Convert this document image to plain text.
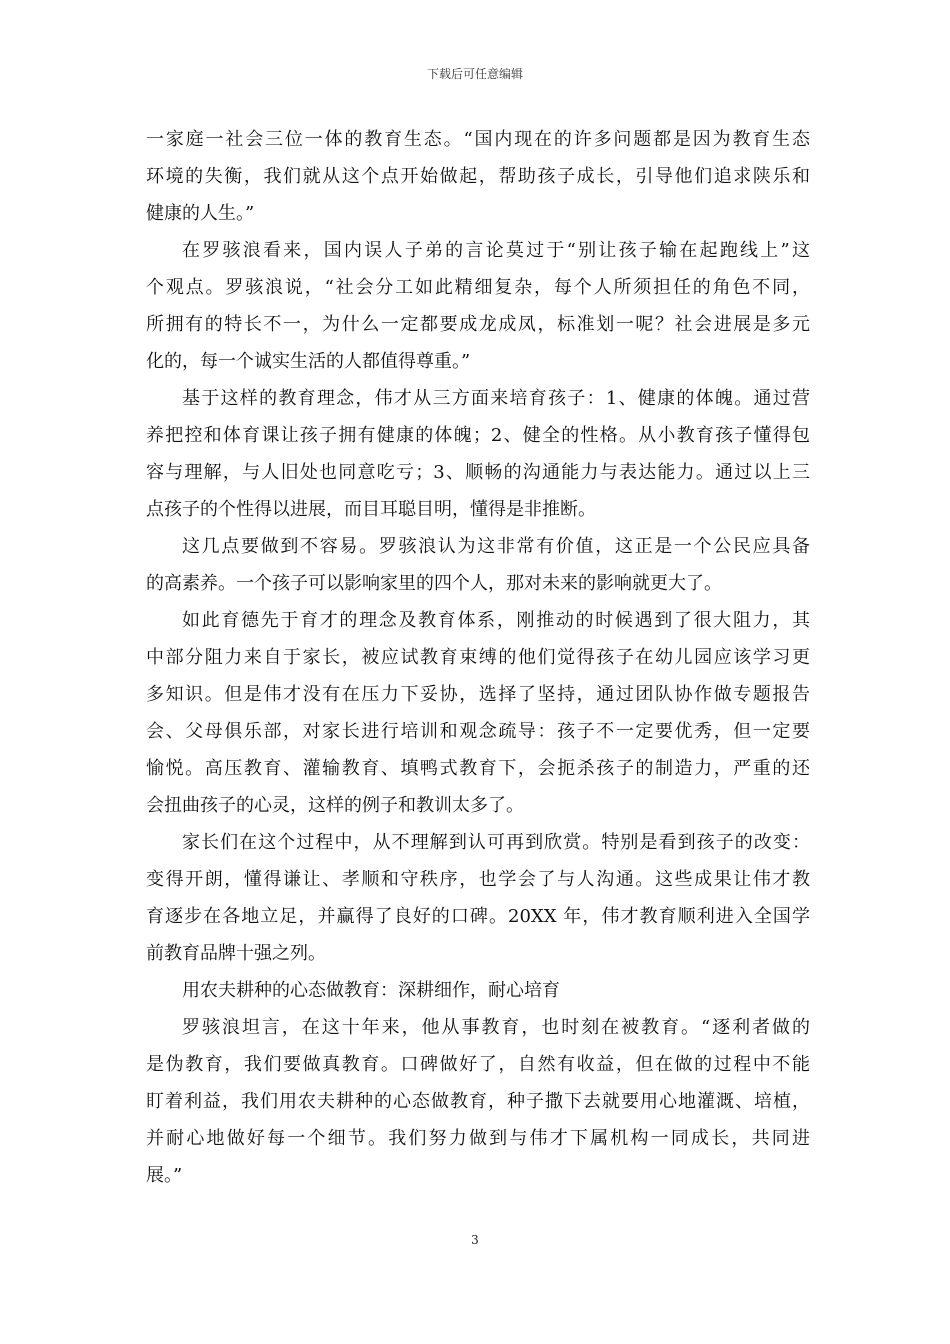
下载后可任意编辑
一家庭一社会三位一体的教育生态。“国内现在的许多问题都是因为教育生态
环境的失衡，我们就从这个点开始做起，帮助孩子成长，引导他们追求陕乐和
健康的人生。”
在罗骇浪看来，国内误人子弟的言论莫过于“别让孩子输在起跑线上”这
个观点。罗骇浪说，“社会分工如此精细复杂，每个人所须担任的角色不同，
所拥有的特长不一，为什么一定都要成龙成凤，标准划一呢？社会进展是多元
化的，每一个诚实生活的人都值得尊重。”
基于这样的教育理念，伟才从三方面来培育孩子：1、健康的体魄。通过营
养把控和体育课让孩子拥有健康的体魄；2、健全的性格。从小教育孩子懂得包
容与理解，与人旧处也同意吃亏；3、顺畅的沟通能力与表达能力。通过以上三
点孩子的个性得以进展，而目耳聪目明，懂得是非推断。
这几点要做到不容易。罗骇浪认为这非常有价值，这正是一个公民应具备
的高素养。一个孩子可以影响家里的四个人，那对未来的影响就更大了。
如此育德先于育才的理念及教育体系，刚推动的时候遇到了很大阻力，其
中部分阻力来自于家长，被应试教育束缚的他们觉得孩子在幼儿园应该学习更
多知识。但是伟才没有在压力下妥协，选择了坚持，通过团队协作做专题报告
会、父母俱乐部，对家长进行培训和观念疏导：孩子不一定要优秀，但一定要
愉悦。高压教育、灌输教育、填鸭式教育下，会扼杀孩子的制造力，严重的还
会扭曲孩子的心灵，这样的例子和教训太多了。
家长们在这个过程中，从不理解到认可再到欣赏。特别是看到孩子的改变：
变得开朗，懂得谦让、孝顺和守秩序，也学会了与人沟通。这些成果让伟才教
育逐步在各地立足，并赢得了良好的口碑。20XX 年，伟才教育顺利进入全国学
前教育品牌十强之列。
用农夫耕种的心态做教育：深耕细作，耐心培育
罗骇浪坦言，在这十年来，他从事教育，也时刻在被教育。“逐利者做的
是伪教育，我们要做真教育。口碑做好了，自然有收益，但在做的过程中不能
盯着利益，我们用农夫耕种的心态做教育，种子撒下去就要用心地灌溉、培植，
并耐心地做好每一个细节。我们努力做到与伟才下属机构一同成长，共同进
展。”
3
